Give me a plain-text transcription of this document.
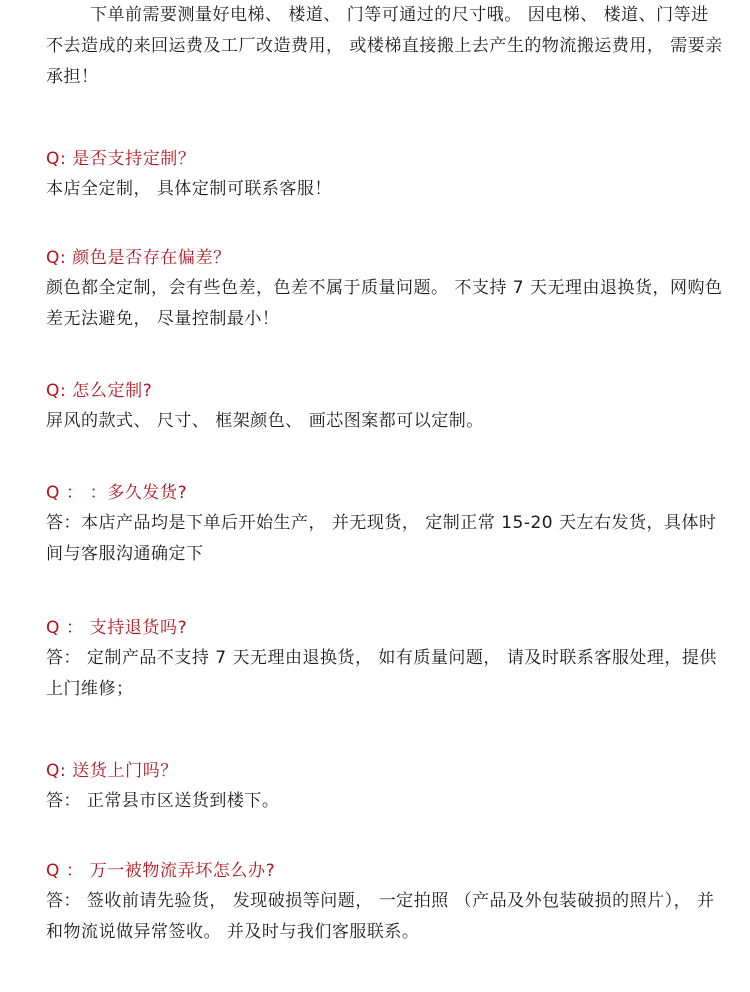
下单前需要测量好电梯、 楼道、 门等可通过的尺寸哦。 因电梯、 楼道、门等进不去造成的来回运费及工厂改造费用， 或楼梯直接搬上去产生的物流搬运费用， 需要亲承担！

Q: 是否支持定制？

本店全定制， 具体定制可联系客服！

Q: 颜色是否存在偏差？

颜色都全定制，会有些色差，色差不属于质量问题。 不支持 7 天无理由退换货，网购色差无法避免， 尽量控制最小！

Q: 怎么定制?

屏风的款式、 尺寸、 框架颜色、 画芯图案都可以定制。

Q ： ：多久发货?

答：本店产品均是下单后开始生产， 并无现货， 定制正常 15-20 天左右发货，具体时间与客服沟通确定下

Q ： 支持退货吗?

答： 定制产品不支持 7 天无理由退换货， 如有质量问题， 请及时联系客服处理，提供上门维修；

Q: 送货上门吗？

答： 正常县市区送货到楼下。

Q ： 万一被物流弄坏怎么办?

答： 签收前请先验货， 发现破损等问题， 一定拍照 （产品及外包装破损的照片）， 并和物流说做异常签收。 并及时与我们客服联系。
